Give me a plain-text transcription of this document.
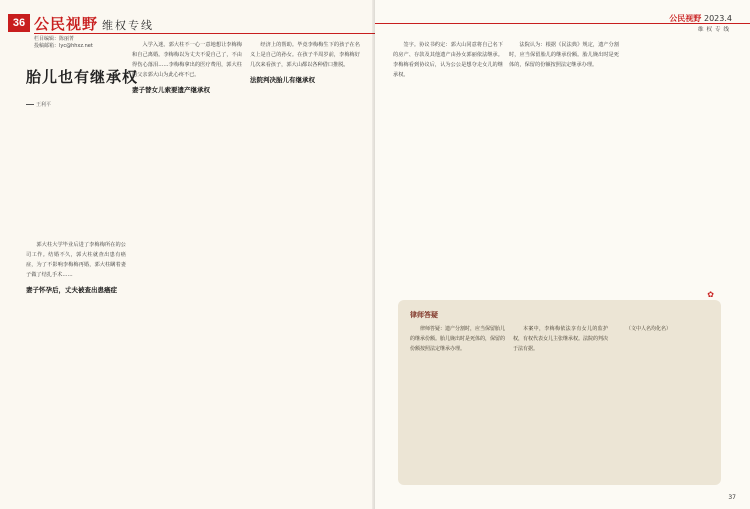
36 公民视野 维权专线
栏目编辑：陈丽菁
投稿邮箱：lyc@hhxz.net
胎儿也有继承权
王利平

郭大柱大学毕业后进了李梅梅所在的公司工作。结婚不久，郭大柱就查出患有癌症，为了不影响李梅梅再婚，郭大柱瞒着妻子做了结扎手术……

妻子怀孕后，丈夫被查出患癌症

入学入迷。郭大柱不一心一意地想让李梅梅和自己离婚。李梅梅以为丈夫不爱自己了，不由得伤心落泪……李梅梅拿出的医疗费用，郭大柱的父亲郭大山为此心疼不已。

妻子替女儿索要遗产继承权

经济上的帮助。毕竟李梅梅生下的孩子在名义上是自己的孙女。在孩子半周岁前，李梅梅好几次来看孩子，郭大山都以各种借口推脱。

法院判决胎儿有继承权
公民视野 2023.4
维权专线

签字。协议书约定：郭大山同意将自己名下的房产、存款及其他遗产由孙女郭丽依法继承。李梅梅看到协议后，认为公公是想夺走女儿的继承权。

法院认为：根据《民法典》规定，遗产分割时，应当保留胎儿的继承份额。胎儿娩出时是死体的，保留的份额按照法定继承办理。

律师答疑

律师答疑：遗产分割时，应当保留胎儿的继承份额。胎儿娩出时是死体的，保留的份额按照法定继承办理。

本案中，李梅梅依法享有女儿的监护权，有权代表女儿主张继承权。法院的判决于法有据。

（文中人名均化名）

✿
37
